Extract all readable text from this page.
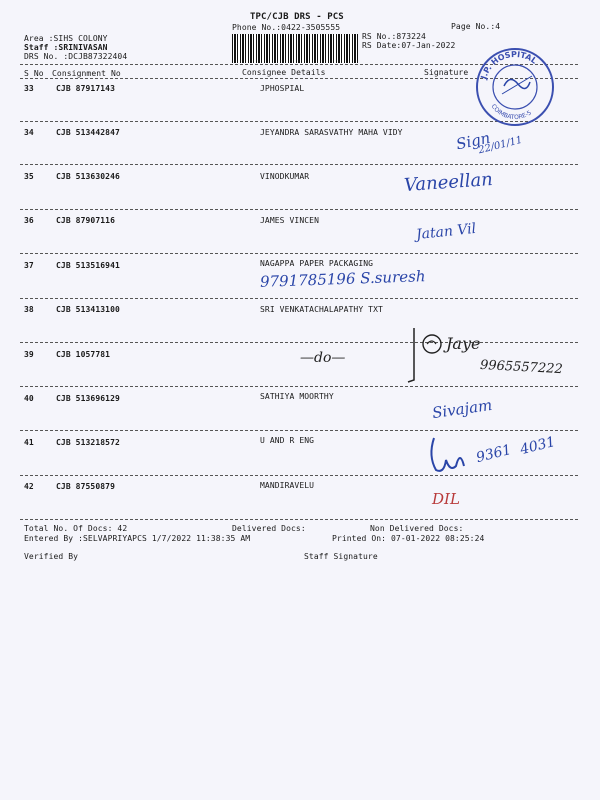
TPC/CJB DRS - PCS
Phone No.:0422-3505555	Page No.:4
Area :SIHS COLONY
Staff :SRINIVASAN
DRS No. :DCJB87322404
RS No.:873224
RS Date:07-Jan-2022
S No Consignment No	Consignee Details	Signature
33	CJB 87917143	JPHOSPIAL
34	CJB 513442847	JEYANDRA SARASVATHY MAHA VIDY
35	CJB 513630246	VINODKUMAR
36	CJB 87907116	JAMES VINCEN
37	CJB 513516941	NAGAPPA PAPER PACKAGING
38	CJB 513413100	SRI VENKATACHALAPATHY TXT
39	CJB 1057781
40	CJB 513696129	SATHIYA MOORTHY
41	CJB 513218572	U AND R ENG
42	CJB 87550879	MANDIRAVELU
Total No. Of Docs: 42	Delivered Docs:	Non Delivered Docs:
Entered By :SELVAPRIYAPCS 1/7/2022 11:38:35 AM	Printed On: 07-01-2022 08:25:24
Verified By	Staff Signature
J.P. HOSPITAL
COIMBATORE-5
Sign
22/01/11
Vaneellan
Jatan Vil
9791785196 S.suresh
—do—
Jaye
9965557222
Sivajam
9361 4031
DIL
